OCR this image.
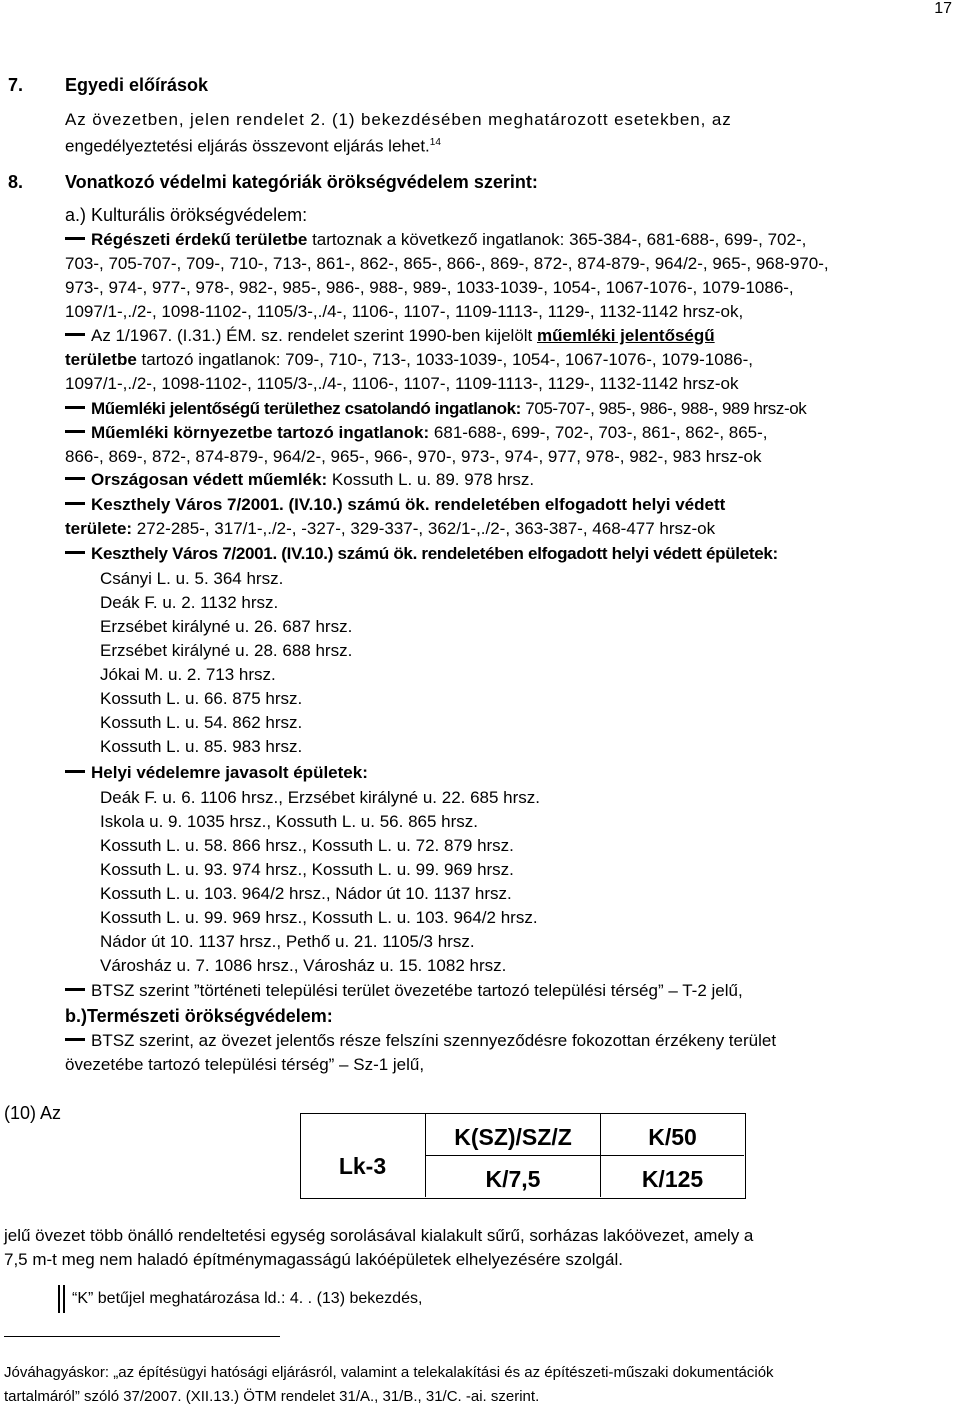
17
7. Egyedi előírások
Az övezetben, jelen rendelet 2. (1) bekezdésében meghatározott esetekben, az
engedélyeztetési eljárás összevont eljárás lehet.$^{14}$
8. Vonatkozó védelmi kategóriák örökségvédelem szerint:
a.) Kulturális örökségvédelem:
Régészeti érdekű területbe tartoznak a következő ingatlanok: 365-384-, 681-688-, 699-, 702-,
703-, 705-707-, 709-, 710-, 713-, 861-, 862-, 865-, 866-, 869-, 872-, 874-879-, 964/2-, 965-, 968-970-,
973-, 974-, 977-, 978-, 982-, 985-, 986-, 988-, 989-, 1033-1039-, 1054-, 1067-1076-, 1079-1086-,
1097/1-,./2-, 1098-1102-, 1105/3-,./4-, 1106-, 1107-, 1109-1113-, 1129-, 1132-1142 hrsz-ok,
Az 1/1967. (I.31.) ÉM. sz. rendelet szerint 1990-ben kijelölt műemléki jelentőségű
területbe tartozó ingatlanok: 709-, 710-, 713-, 1033-1039-, 1054-, 1067-1076-, 1079-1086-,
1097/1-,./2-, 1098-1102-, 1105/3-,./4-, 1106-, 1107-, 1109-1113-, 1129-, 1132-1142 hrsz-ok
Műemléki jelentőségű területhez csatolandó ingatlanok: 705-707-, 985-, 986-, 988-, 989 hrsz-ok
Műemléki környezetbe tartozó ingatlanok: 681-688-, 699-, 702-, 703-, 861-, 862-, 865-,
866-, 869-, 872-, 874-879-, 964/2-, 965-, 966-, 970-, 973-, 974-, 977, 978-, 982-, 983 hrsz-ok
Országosan védett műemlék: Kossuth L. u. 89. 978 hrsz.
Keszthely Város 7/2001. (IV.10.) számú ök. rendeletében elfogadott helyi védett
területe: 272-285-, 317/1-,./2-, -327-, 329-337-, 362/1-,./2-, 363-387-, 468-477 hrsz-ok
Keszthely Város 7/2001. (IV.10.) számú ök. rendeletében elfogadott helyi védett épületek:
Csányi L. u. 5. 364 hrsz.
Deák F. u. 2. 1132 hrsz.
Erzsébet királyné u. 26. 687 hrsz.
Erzsébet királyné u. 28. 688 hrsz.
Jókai M. u. 2. 713 hrsz.
Kossuth L. u. 66. 875 hrsz.
Kossuth L. u. 54. 862 hrsz.
Kossuth L. u. 85. 983 hrsz.
Helyi védelemre javasolt épületek:
Deák F. u. 6. 1106 hrsz., Erzsébet királyné u. 22. 685 hrsz.
Iskola u. 9. 1035 hrsz., Kossuth L. u. 56. 865 hrsz.
Kossuth L. u. 58. 866 hrsz., Kossuth L. u. 72. 879 hrsz.
Kossuth L. u. 93. 974 hrsz., Kossuth L. u. 99. 969 hrsz.
Kossuth L. u. 103. 964/2 hrsz., Nádor út 10. 1137 hrsz.
Kossuth L. u. 99. 969 hrsz., Kossuth L. u. 103. 964/2 hrsz.
Nádor út 10. 1137 hrsz., Pethő u. 21. 1105/3 hrsz.
Városház u. 7. 1086 hrsz., Városház u. 15. 1082 hrsz.
BTSZ szerint ”történeti települési terület övezetébe tartozó települési térség” – T-2 jelű,
b.)Természeti örökségvédelem:
BTSZ szerint, az övezet jelentős része felszíni szennyeződésre fokozottan érzékeny terület
övezetébe tartozó települési térség” – Sz-1 jelű,
(10) Az
Lk-3
K(SZ)/SZ/Z	K/50
K/7,5	K/125
jelű övezet több önálló rendeltetési egység sorolásával kialakult sűrű, sorházas lakóövezet, amely a
7,5 m-t meg nem haladó építménymagasságú lakóépületek elhelyezésére szolgál.
“K” betűjel meghatározása ld.: 4. . (13) bekezdés,
Jóváhagyáskor: „az építésügyi hatósági eljárásról, valamint a telekalakítási és az építészeti-műszaki dokumentációk
tartalmáról” szóló 37/2007. (XII.13.) ÖTM rendelet 31/A., 31/B., 31/C. -ai. szerint.
